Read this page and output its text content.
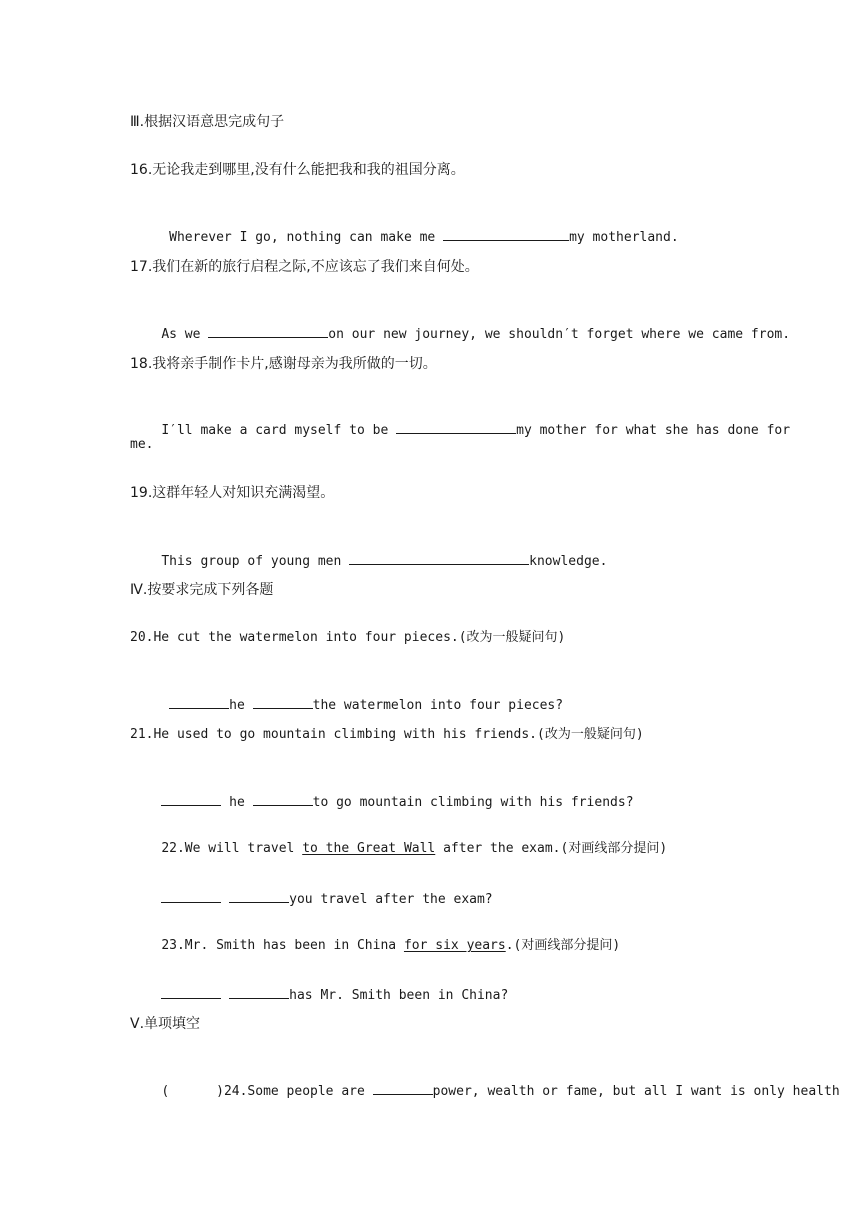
Ⅲ.根据汉语意思完成句子
16.无论我走到哪里,没有什么能把我和我的祖国分离。

Wherever I go, nothing can make me	my motherland.

17.我们在新的旅行启程之际,不应该忘了我们来自何处。

As we	on our new journey, we shouldn′t forget where we came from.

18.我将亲手制作卡片,感谢母亲为我所做的一切。

I′ll make a card myself to be	my mother for what she has done for

me.
19.这群年轻人对知识充满渴望。

This group of young men	knowledge.

Ⅳ.按要求完成下列各题
20.He cut the watermelon into four pieces.(改为一般疑问句)

he	the watermelon into four pieces?

21.He used to go mountain climbing with his friends.(改为一般疑问句)

he	to go mountain climbing with his friends?

22.We will travel to the Great Wall after the exam.(对画线部分提问)

you travel after the exam?

23.Mr. Smith has been in China for six years.(对画线部分提问)

has Mr. Smith been in China?

Ⅴ.单项填空

(      )24.Some people are	power, wealth or fame, but all I want is only health
